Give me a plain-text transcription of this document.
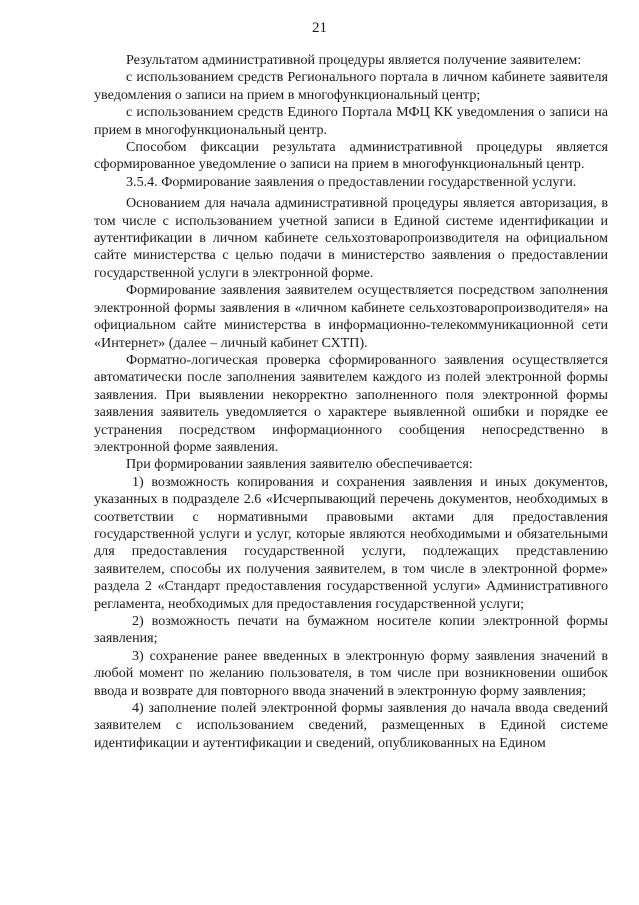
21

Результатом административной процедуры является получение заявителем:

с использованием средств Регионального портала в личном кабинете заявителя уведомления о записи на прием в многофункциональный центр;

с использованием средств Единого Портала МФЦ КК уведомления о записи на прием в многофункциональный центр.

Способом фиксации результата административной процедуры является сформированное уведомление о записи на прием в многофункциональный центр.

3.5.4. Формирование заявления о предоставлении государственной услуги.

Основанием для начала административной процедуры является авторизация, в том числе с использованием учетной записи в Единой системе идентификации и аутентификации в личном кабинете сельхозтоваропроизводителя на официальном сайте министерства с целью подачи в министерство заявления о предоставлении государственной услуги в электронной форме.

Формирование заявления заявителем осуществляется посредством заполнения электронной формы заявления в «личном кабинете сельхозтоваропроизводителя» на официальном сайте министерства в информационно-телекоммуникационной сети «Интернет» (далее – личный кабинет СХТП).

Форматно-логическая проверка сформированного заявления осуществляется автоматически после заполнения заявителем каждого из полей электронной формы заявления. При выявлении некорректно заполненного поля электронной формы заявления заявитель уведомляется о характере выявленной ошибки и порядке ее устранения посредством информационного сообщения непосредственно в электронной форме заявления.

При формировании заявления заявителю обеспечивается:

1) возможность копирования и сохранения заявления и иных документов, указанных в подразделе 2.6 «Исчерпывающий перечень документов, необходимых в соответствии с нормативными правовыми актами для предоставления государственной услуги и услуг, которые являются необходимыми и обязательными для предоставления государственной услуги, подлежащих представлению заявителем, способы их получения заявителем, в том числе в электронной форме» раздела 2 «Стандарт предоставления государственной услуги» Административного регламента, необходимых для предоставления государственной услуги;

2) возможность печати на бумажном носителе копии электронной формы заявления;

3) сохранение ранее введенных в электронную форму заявления значений в любой момент по желанию пользователя, в том числе при возникновении ошибок ввода и возврате для повторного ввода значений в электронную форму заявления;

4) заполнение полей электронной формы заявления до начала ввода сведений заявителем с использованием сведений, размещенных в Единой системе идентификации и аутентификации и сведений, опубликованных на Едином
